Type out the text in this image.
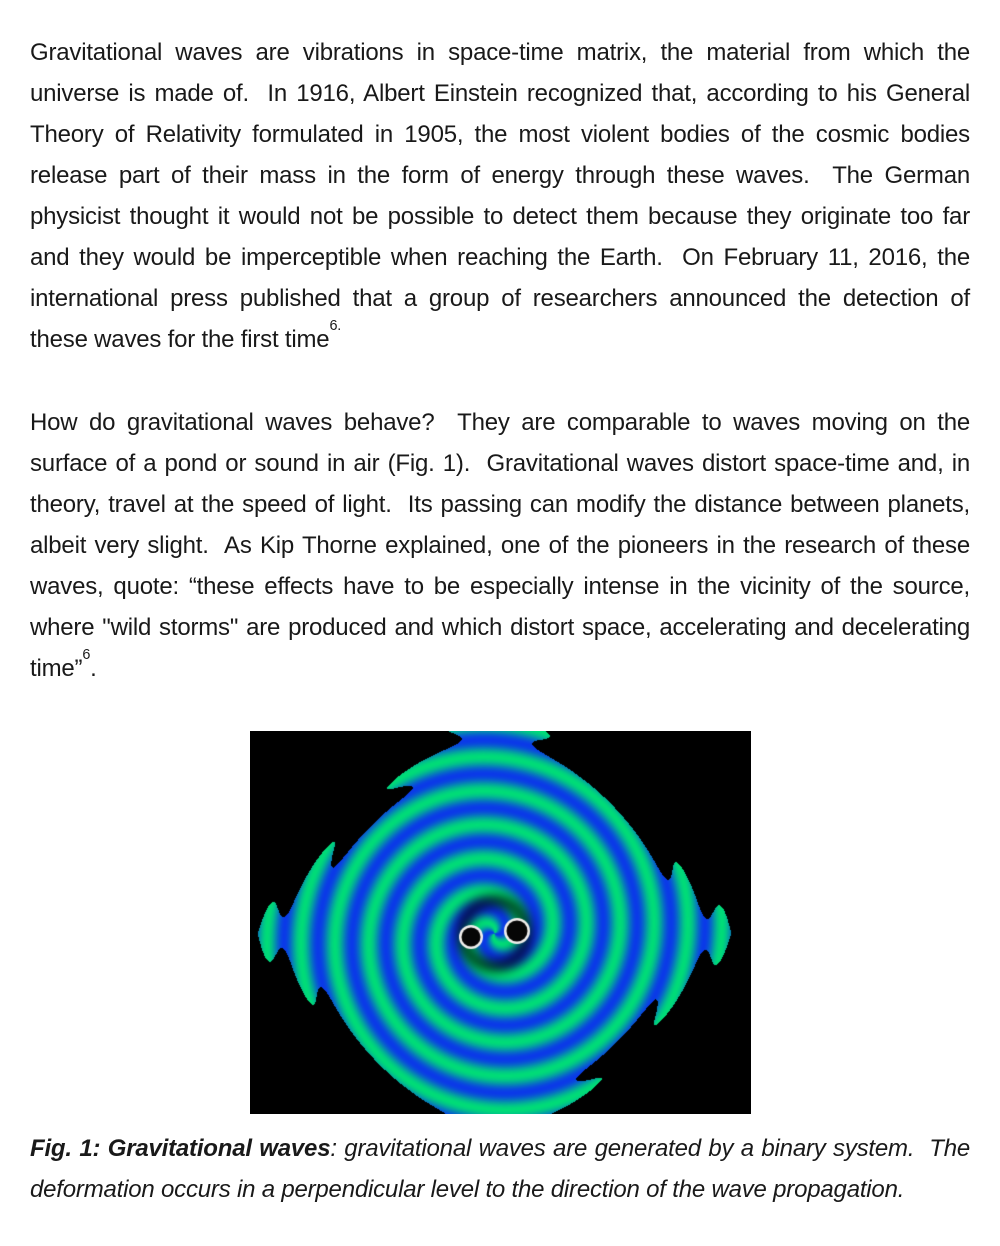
Gravitational waves are vibrations in space-time matrix, the material from which the universe is made of.  In 1916, Albert Einstein recognized that, according to his General Theory of Relativity formulated in 1905, the most violent bodies of the cosmic bodies release part of their mass in the form of energy through these waves.  The German physicist thought it would not be possible to detect them because they originate too far and they would be imperceptible when reaching the Earth.  On February 11, 2016, the international press published that a group of researchers announced the detection of these waves for the first time$^{6.}$

How do gravitational waves behave?  They are comparable to waves moving on the surface of a pond or sound in air (Fig. 1).  Gravitational waves distort space-time and, in theory, travel at the speed of light.  Its passing can modify the distance between planets, albeit very slight.  As Kip Thorne explained, one of the pioneers in the research of these waves, quote: “these effects have to be especially intense in the vicinity of the source, where "wild storms" are produced and which distort space, accelerating and decelerating time”$^6$.

Fig. 1: Gravitational waves: gravitational waves are generated by a binary system.  The deformation occurs in a perpendicular level to the direction of the wave propagation.
